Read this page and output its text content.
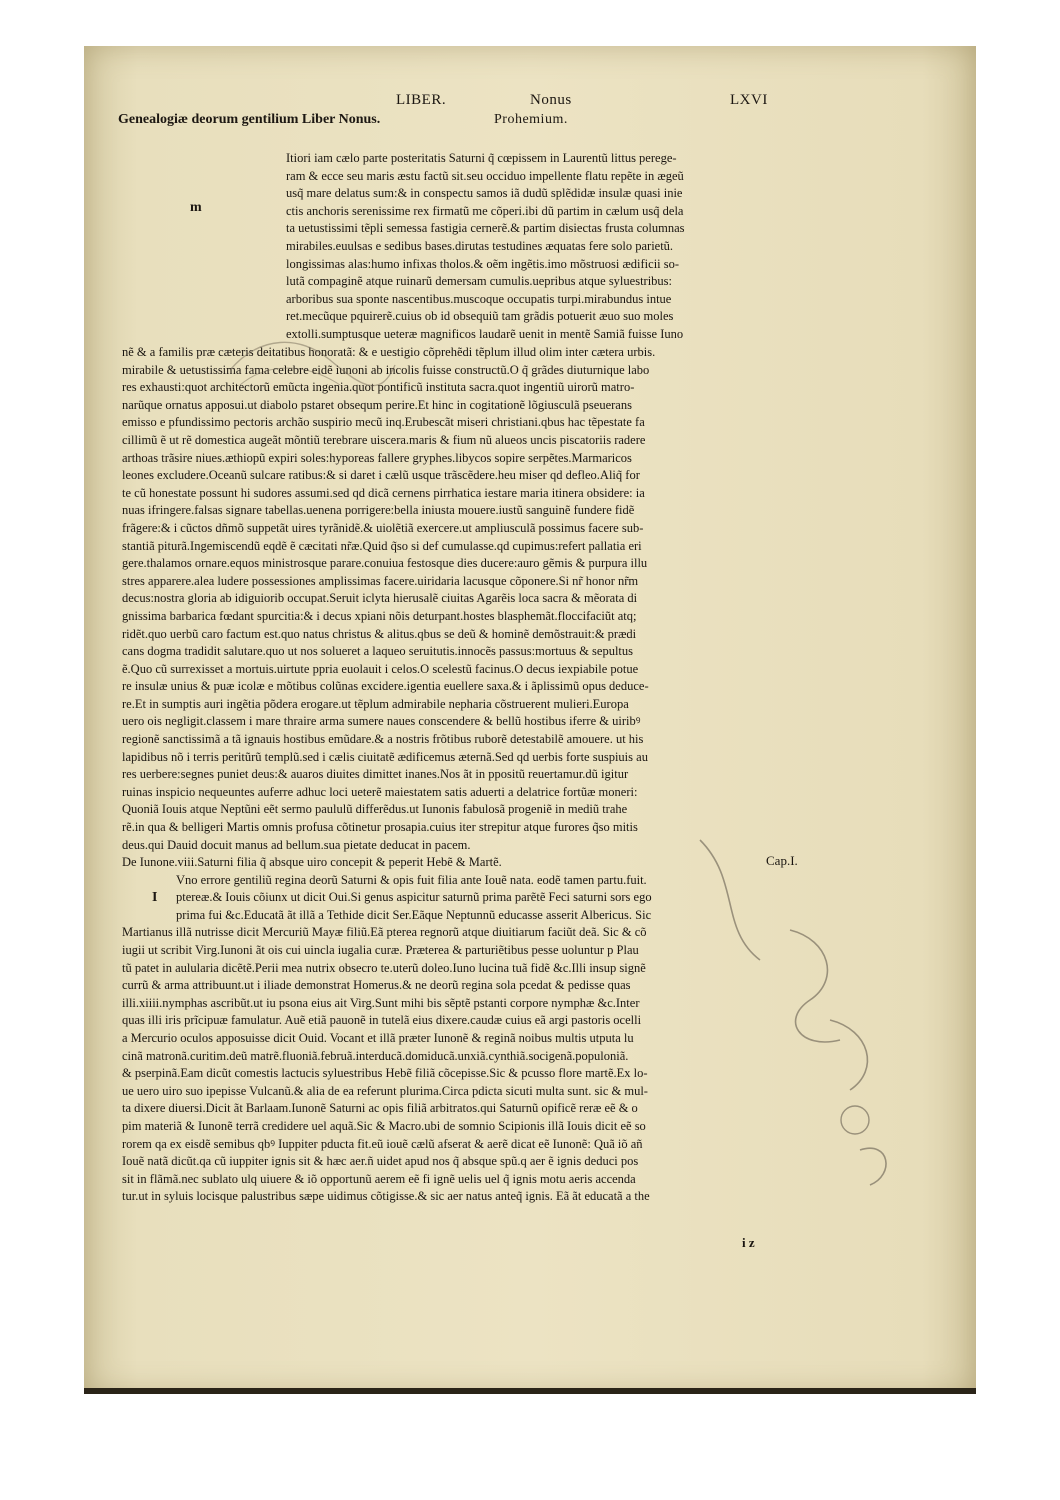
LIBER.	Nonus	LXVI
Genealogiæ deorum gentilium Liber Nonus.	Prohemium.
m
I
Itiori iam cælo parte posteritatis Saturni q̃ cœpissem in Laurentũ littus perege-
ram & ecce seu maris æstu factũ sit.seu occiduo impellente flatu repẽte in ægeũ
usq̃ mare delatus sum:& in conspectu samos iã dudũ splẽdidæ insulæ quasi inie
ctis anchoris serenissime rex firmatũ me cõperi.ibi dũ partim in cælum usq̃ dela
ta uetustissimi tẽpli semessa fastigia cernerẽ.& partim disiectas frusta columnas
mirabiles.euulsas e sedibus bases.dirutas testudines æquatas fere solo parietũ.
longissimas alas:humo infixas tholos.& oẽm ingẽtis.imo mõstruosi ædificii so-
lutã compaginẽ atque ruinarũ demersam cumulis.uepribus atque syluestribus:
arboribus sua sponte nascentibus.muscoque occupatis turpi.mirabundus intue
ret.mecũque pquirerẽ.cuius ob id obsequiũ tam grãdis potuerit æuo suo moles
extolli.sumptusque ueteræ magnificos laudarẽ uenit in mentẽ Samiã fuisse Iuno
nẽ & a familis præ cæteris deitatibus honoratã: & e uestigio cõprehẽdi tẽplum illud olim inter cætera urbis.
mirabile & uetustissima fama celebre eidẽ iunoni ab incolis fuisse constructũ.O q̃ grãdes diuturnique labo
res exhausti:quot architectorũ emũcta ingenia.quot pontificũ instituta sacra.quot ingentiũ uirorũ matro-
narũque ornatus apposui.ut diabolo pstaret obsequm perire.Et hinc in cogitationẽ lõgiusculã pseuerans
emisso e pfundissimo pectoris archão suspirio mecũ inq.Erubescãt miseri christiani.qbus hac tẽpestate fa
cillimũ ẽ ut rẽ domestica augeãt mõntiũ terebrare uiscera.maris & fium nũ alueos uncis piscatoriis radere
arthoas trãsire niues.æthiopũ expiri soles:hyporeas fallere gryphes.libycos sopire serpẽtes.Marmaricos
leones excludere.Oceanũ sulcare ratibus:& si daret i cælũ usque trãscẽdere.heu miser qd defleo.Aliq̃ for
te cũ honestate possunt hi sudores assumi.sed qd dicã cernens pirrhatica iestare maria itinera obsidere: ia
nuas ifringere.falsas signare tabellas.uenena porrigere:bella iniusta mouere.iustũ sanguinẽ fundere fidẽ
frãgere:& i cũctos dñmõ suppetãt uires tyrãnidẽ.& uiolẽtiã exercere.ut ampliusculã possimus facere sub-
stantiã piturã.Ingemiscendũ eqdẽ ẽ cæcitati nr̃æ.Quid q̃so si def cumulasse.qd cupimus:refert pallatia eri
gere.thalamos ornare.equos ministrosque parare.conuiua festosque dies ducere:auro gẽmis & purpura illu
stres apparere.alea ludere possessiones amplissimas facere.uiridaria lacusque cõponere.Si nr̃ honor nr̃m
decus:nostra gloria ab idiguiorib occupat.Seruit iclyta hierusalẽ ciuitas Agarẽis loca sacra & mẽorata di
gnissima barbarica fœdant spurcitia:& i decus xpiani nõis deturpant.hostes blasphemãt.floccifaciũt atq;
ridẽt.quo uerbũ caro factum est.quo natus christus & alitus.qbus se deũ & hominẽ demõstrauit:& prædi
cans dogma tradidit salutare.quo ut nos solueret a laqueo seruitutis.innocẽs passus:mortuus & sepultus
ẽ.Quo cũ surrexisset a mortuis.uirtute ppria euolauit i celos.O scelestũ facinus.O decus iexpiabile potue
re insulæ unius & puæ icolæ e mõtibus colũnas excidere.igentia euellere saxa.& i ãplissimũ opus deduce-
re.Et in sumptis auri ingẽtia põdera erogare.ut tẽplum admirabile nepharia cõstruerent mulieri.Europa
uero ois negligit.classem i mare thraire arma sumere naues conscendere & bellũ hostibus iferre & uiribꝰ
regionẽ sanctissimã a tã ignauis hostibus emũdare.& a nostris frõtibus ruborẽ detestabilẽ amouere. ut his
lapidibus nõ i terris peritũrũ templũ.sed i cælis ciuitatẽ ædificemus æternã.Sed qd uerbis forte suspiuis au
res uerbere:segnes puniet deus:& auaros diuites dimittet inanes.Nos ãt in ppositũ reuertamur.dũ igitur
ruinas inspicio nequeuntes auferre adhuc loci ueterẽ maiestatem satis aduerti a delatrice fortũæ moneri:
Quoniã Iouis atque Neptũni eẽt sermo paululũ differẽdus.ut Iunonis fabulosã progeniẽ in mediũ trahe
rẽ.in qua & belligeri Martis omnis profusa cõtinetur prosapia.cuius iter strepitur atque furores q̃so mitis
deus.qui Dauid docuit manus ad bellum.sua pietate deducat in pacem.
De Iunone.viii.Saturni filia q̃ absque uiro concepit & peperit Hebẽ & Martẽ.
Vno errore gentiliũ regina deorũ Saturni & opis fuit filia ante Iouẽ nata. eodẽ tamen partu.fuit.
ptereæ.& Iouis cõiunx ut dicit Oui.Si genus aspicitur saturnũ prima parẽtẽ Feci saturni sors ego
prima fui &c.Educatã ãt illã a Tethide dicit Ser.Eãque Neptunnũ educasse asserit Albericus. Sic
Martianus illã nutrisse dicit Mercuriũ Mayæ filiũ.Eã pterea regnorũ atque diuitiarum faciũt deã. Sic & cõ
iugii ut scribit Virg.Iunoni ãt ois cui uincla iugalia curæ. Præterea & parturiẽtibus pesse uoluntur p Plau
tũ patet in aulularia dicẽtẽ.Perii mea nutrix obsecro te.uterũ doleo.Iuno lucina tuã fidẽ &c.Illi insup signẽ
currũ & arma attribuunt.ut i iliade demonstrat Homerus.& ne deorũ regina sola pcedat & pedisse quas
illi.xiiii.nymphas ascribũt.ut iu psona eius ait Virg.Sunt mihi bis sẽptẽ pstanti corpore nymphæ &c.Inter
quas illi iris prĩcipuæ famulatur. Auẽ etiã pauonẽ in tutelã eius dixere.caudæ cuius eã argi pastoris ocelli
a Mercurio oculos apposuisse dicit Ouid. Vocant et illã præter Iunonẽ & reginã noibus multis utputa lu
cinã matronã.curitim.deũ matrẽ.fluoniã.februã.interducã.domiducã.unxiã.cynthiã.socigenã.populoniã.
& pserpinã.Eam dicũt comestis lactucis syluestribus Hebẽ filiã cõcepisse.Sic & pcusso flore martẽ.Ex lo-
ue uero uiro suo ipepisse Vulcanũ.& alia de ea referunt plurima.Circa pdicta sicuti multa sunt. sic & mul-
ta dixere diuersi.Dicit ãt Barlaam.Iunonẽ Saturni ac opis filiã arbitratos.qui Saturnũ opificẽ reræ eẽ & o
pim materiã & Iunonẽ terrã credidere uel aquã.Sic & Macro.ubi de somnio Scipionis illã Iouis dicit eẽ so
rorem qa ex eisdẽ semibus qbꝰ Iuppiter pducta fit.eũ iouẽ cælũ afserat & aerẽ dicat eẽ Iunonẽ: Quã iõ añ
Iouẽ natã dicũt.qa cũ iuppiter ignis sit & hæc aer.ñ uidet apud nos q̃ absque spũ.q aer ẽ ignis deduci pos
sit in flãmã.nec sublato ulq uiuere & iõ opportunũ aerem eẽ fi ignẽ uelis uel q̃ ignis motu aeris accenda
tur.ut in syluis locisque palustribus sæpe uidimus cõtigisse.& sic aer natus anteq̃ ignis. Eã ãt educatã a the
Cap.I.
i z
